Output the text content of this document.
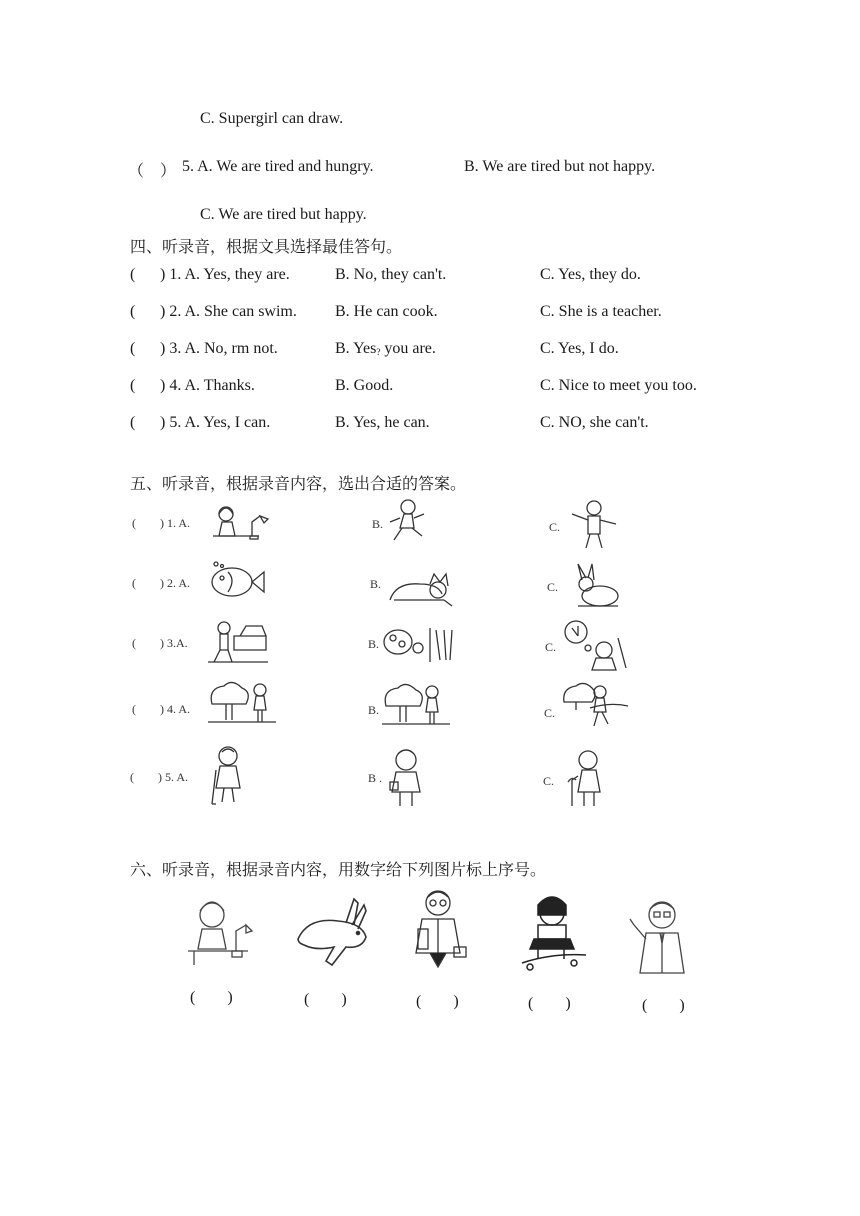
C. Supergirl can draw.
（　） 5. A. We are tired and hungry.	B. We are tired but not happy.
C. We are tired but happy.
四、听录音，根据文具选择最佳答句。
( ) 1. A. Yes, they are.	B. No, they can't.	C. Yes, they do.
( ) 2. A. She can swim. B. He can cook.	C. She is a teacher.
( ) 3. A. No, rm not.	B. Yes$_?$ you are.	C. Yes, I do.
( ) 4. A. Thanks.	B. Good.	C. Nice to meet you too.
( ) 5. A. Yes, I can.	B. Yes, he can.	C. NO, she can't.
五、听录音，根据录音内容，选出合适的答案。
(　　) 1. A.	B.	C.
(　　) 2. A.	B.	C.
(　　) 3.A.	B.	C.
(　　) 4. A.	B.	C.
(　　) 5. A.	B .	C.
六、听录音，根据录音内容，用数字给下列图片标上序号。
(　　)	(　　)	(　　)	(　　)	(　　)
